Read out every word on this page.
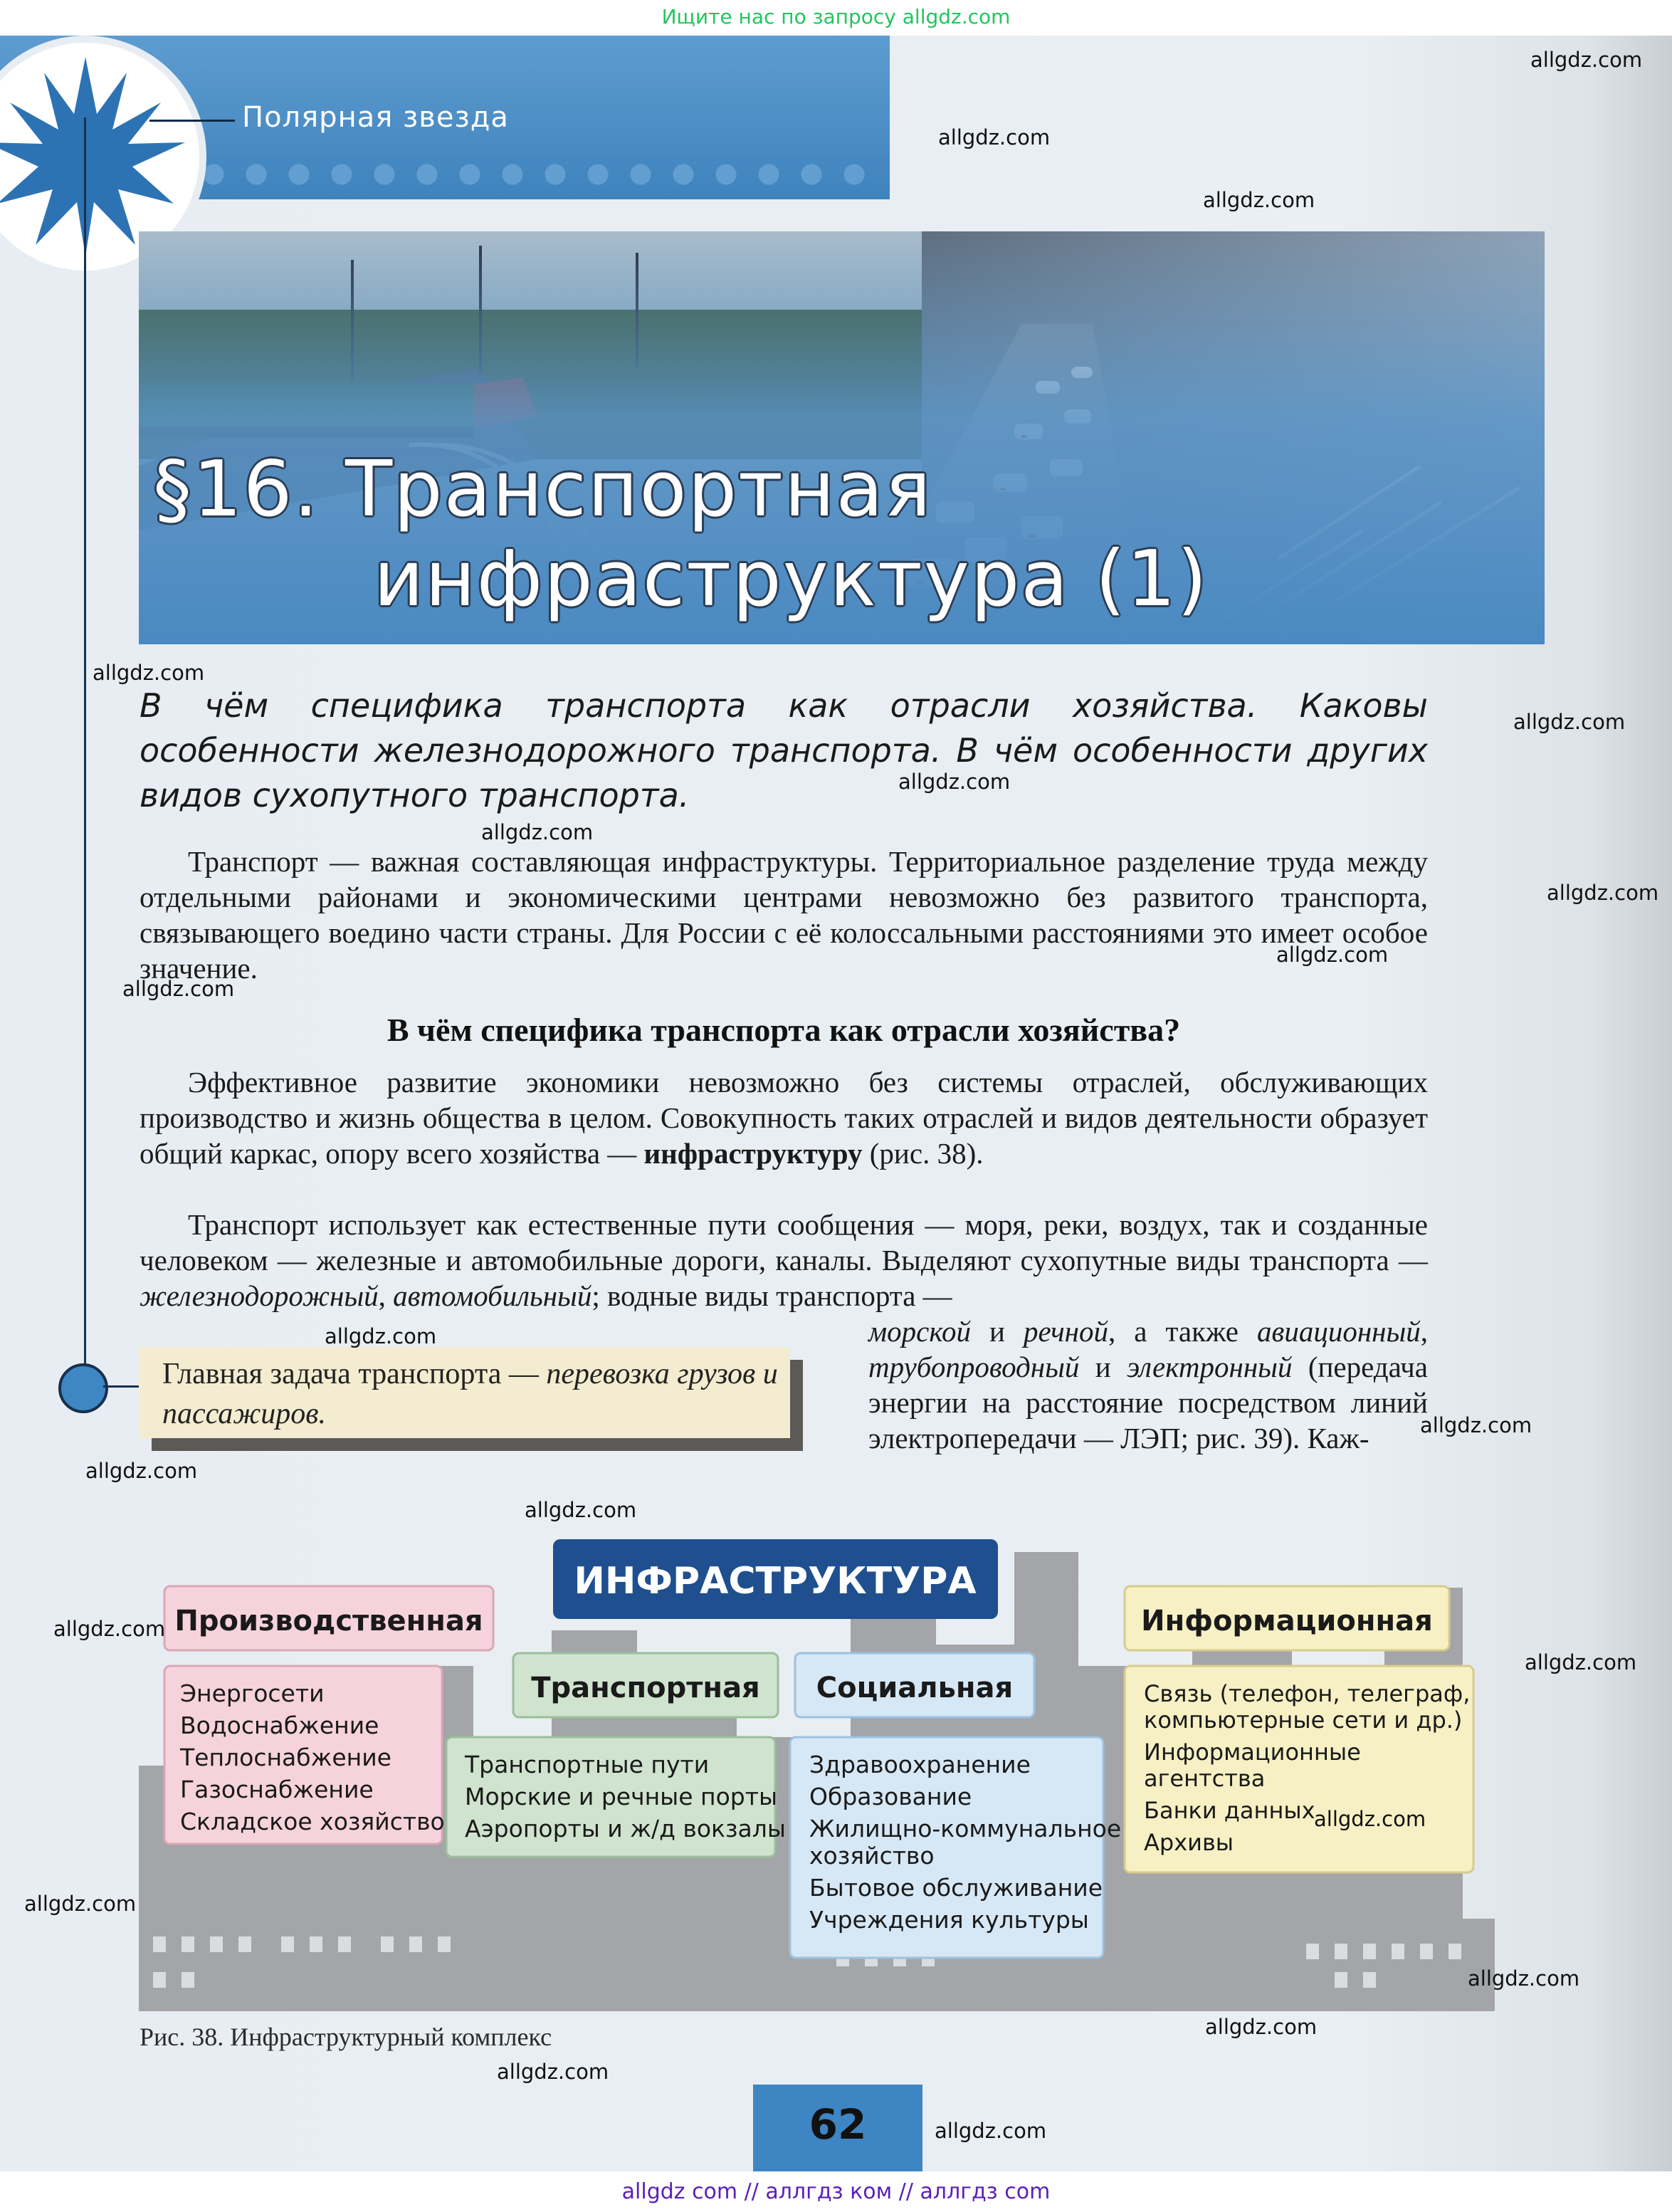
Ищите нас по запросу allgdz.com
Полярная звезда
§16. Транспортная
инфраструктура (1)
В чём специфика транспорта как отрасли хозяйства. Каковы особенности железнодорожного транспорта. В чём особенности других видов сухопутного транспорта.
Транспорт — важная составляющая инфраструктуры. Территориальное разделение труда между отдельными районами и экономическими центрами невозможно без развитого транспорта, связывающего воедино части страны. Для России с её колоссальными расстояниями это имеет особое значение.
В чём специфика транспорта как отрасли хозяйства?
Эффективное развитие экономики невозможно без системы отраслей, обслуживающих производство и жизнь общества в целом. Совокупность таких отраслей и видов деятельности образует общий каркас, опору всего хозяйства — инфраструктуру (рис. 38).
Транспорт использует как естественные пути сообщения — моря, реки, воздух, так и созданные человеком — железные и автомобильные дороги, каналы. Выделяют сухопутные виды транспорта — железнодорожный, автомобильный; водные виды транспорта —
морской и речной, а также авиационный, трубопроводный и электронный (передача энергии на расстояние посредством линий электропередачи — ЛЭП; рис. 39). Каж-
Главная задача транспорта — перевозка грузов и пассажиров.
ИНФРАСТРУКТУРА
Производственная
Энергосети
Водоснабжение
Теплоснабжение
Газоснабжение
Складское хозяйство
Транспортная
Транспортные пути
Морские и речные порты
Аэропорты и ж/д вокзалы
Социальная
Здравоохранение
Образование
Жилищно-коммунальное
хозяйство
Бытовое обслуживание
Учреждения культуры
Информационная
Связь (телефон, телеграф,
компьютерные сети и др.)
Информационные
агентства
Банки данных
Архивы
Рис. 38. Инфраструктурный комплекс
62
allgdz.com
allgdz.com
allgdz.com
allgdz.com
allgdz.com
allgdz.com
allgdz.com
allgdz.com
allgdz.com
allgdz.com
allgdz.com
allgdz.com
allgdz.com
allgdz.com
allgdz.com
allgdz.com
allgdz.com
allgdz.com
allgdz.com
allgdz.com
allgdz.com
allgdz.com
allgdz com // аллгдз ком // аллгдз com
